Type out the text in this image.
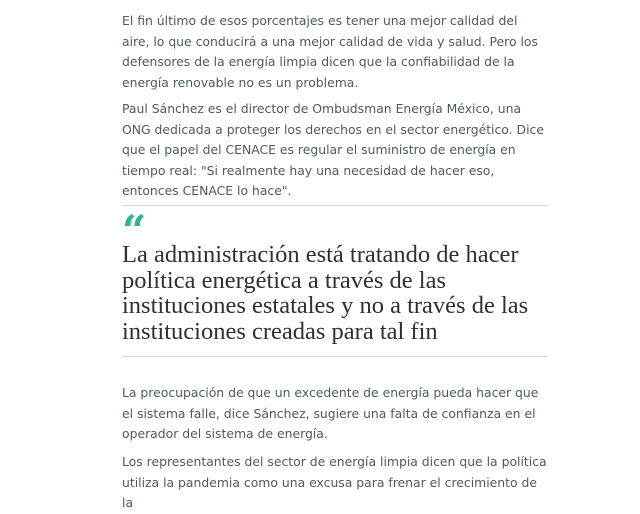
El fin último de esos porcentajes es tener una mejor calidad del aire, lo que conducirá a una mejor calidad de vida y salud. Pero los defensores de la energía limpia dicen que la confiabilidad de la energía renovable no es un problema.

Paul Sánchez es el director de Ombudsman Energía México, una ONG dedicada a proteger los derechos en el sector energético. Dice que el papel del CENACE es regular el suministro de energía en tiempo real: "Si realmente hay una necesidad de hacer eso, entonces CENACE lo hace".

“

La administración está tratando de hacer política energética a través de las instituciones estatales y no a través de las instituciones creadas para tal fin

La preocupación de que un excedente de energía pueda hacer que el sistema falle, dice Sánchez, sugiere una falta de confianza en el operador del sistema de energía.

Los representantes del sector de energía limpia dicen que la política utiliza la pandemia como una excusa para frenar el crecimiento de la
